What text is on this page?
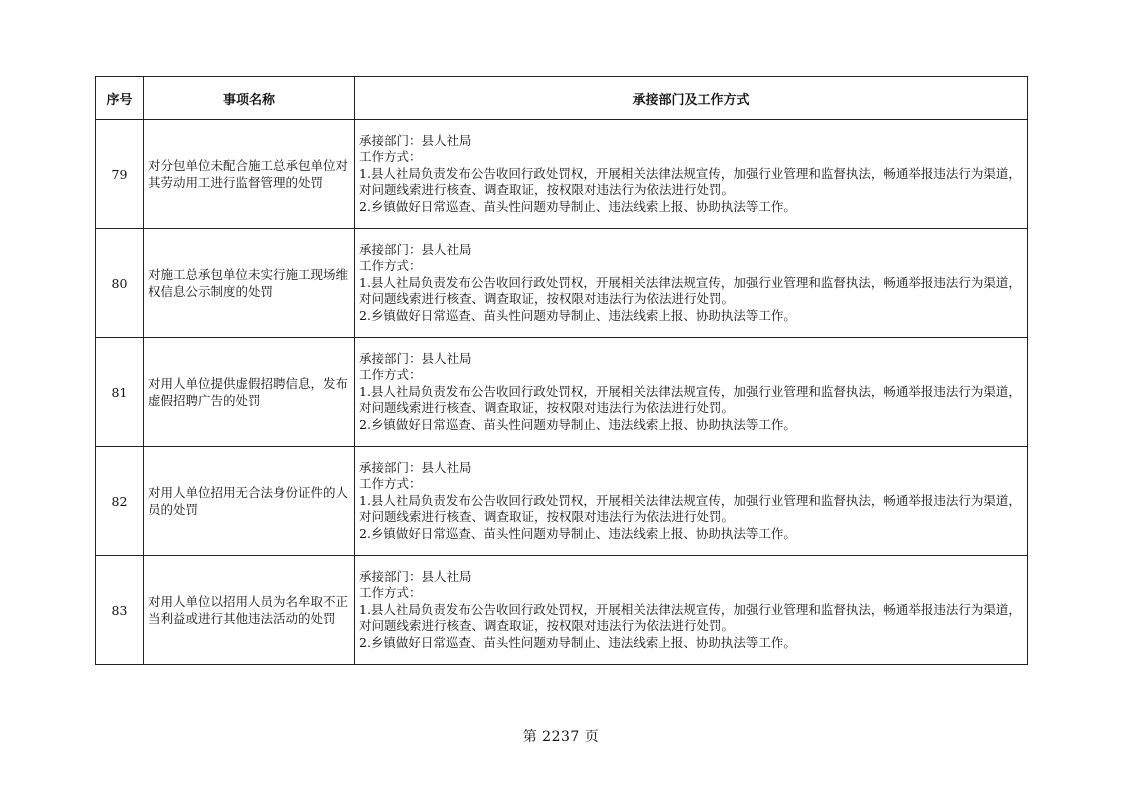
序号	事项名称	承接部门及工作方式
79	对分包单位未配合施工总承包单位对其劳动用工进行监督管理的处罚	承接部门：县人社局
工作方式：
1.县人社局负责发布公告收回行政处罚权，开展相关法律法规宣传，加强行业管理和监督执法，畅通举报违法行为渠道，对问题线索进行核查、调查取证，按权限对违法行为依法进行处罚。
2.乡镇做好日常巡查、苗头性问题劝导制止、违法线索上报、协助执法等工作。

80	对施工总承包单位未实行施工现场维权信息公示制度的处罚	承接部门：县人社局
工作方式：
1.县人社局负责发布公告收回行政处罚权，开展相关法律法规宣传，加强行业管理和监督执法，畅通举报违法行为渠道，对问题线索进行核查、调查取证，按权限对违法行为依法进行处罚。
2.乡镇做好日常巡查、苗头性问题劝导制止、违法线索上报、协助执法等工作。

81	对用人单位提供虚假招聘信息，发布虚假招聘广告的处罚	承接部门：县人社局
工作方式：
1.县人社局负责发布公告收回行政处罚权，开展相关法律法规宣传，加强行业管理和监督执法，畅通举报违法行为渠道，对问题线索进行核查、调查取证，按权限对违法行为依法进行处罚。
2.乡镇做好日常巡查、苗头性问题劝导制止、违法线索上报、协助执法等工作。

82	对用人单位招用无合法身份证件的人员的处罚	承接部门：县人社局
工作方式：
1.县人社局负责发布公告收回行政处罚权，开展相关法律法规宣传，加强行业管理和监督执法，畅通举报违法行为渠道，对问题线索进行核查、调查取证，按权限对违法行为依法进行处罚。
2.乡镇做好日常巡查、苗头性问题劝导制止、违法线索上报、协助执法等工作。

83	对用人单位以招用人员为名牟取不正当利益或进行其他违法活动的处罚	承接部门：县人社局
工作方式：
1.县人社局负责发布公告收回行政处罚权，开展相关法律法规宣传，加强行业管理和监督执法，畅通举报违法行为渠道，对问题线索进行核查、调查取证，按权限对违法行为依法进行处罚。
2.乡镇做好日常巡查、苗头性问题劝导制止、违法线索上报、协助执法等工作。
第 2237 页
